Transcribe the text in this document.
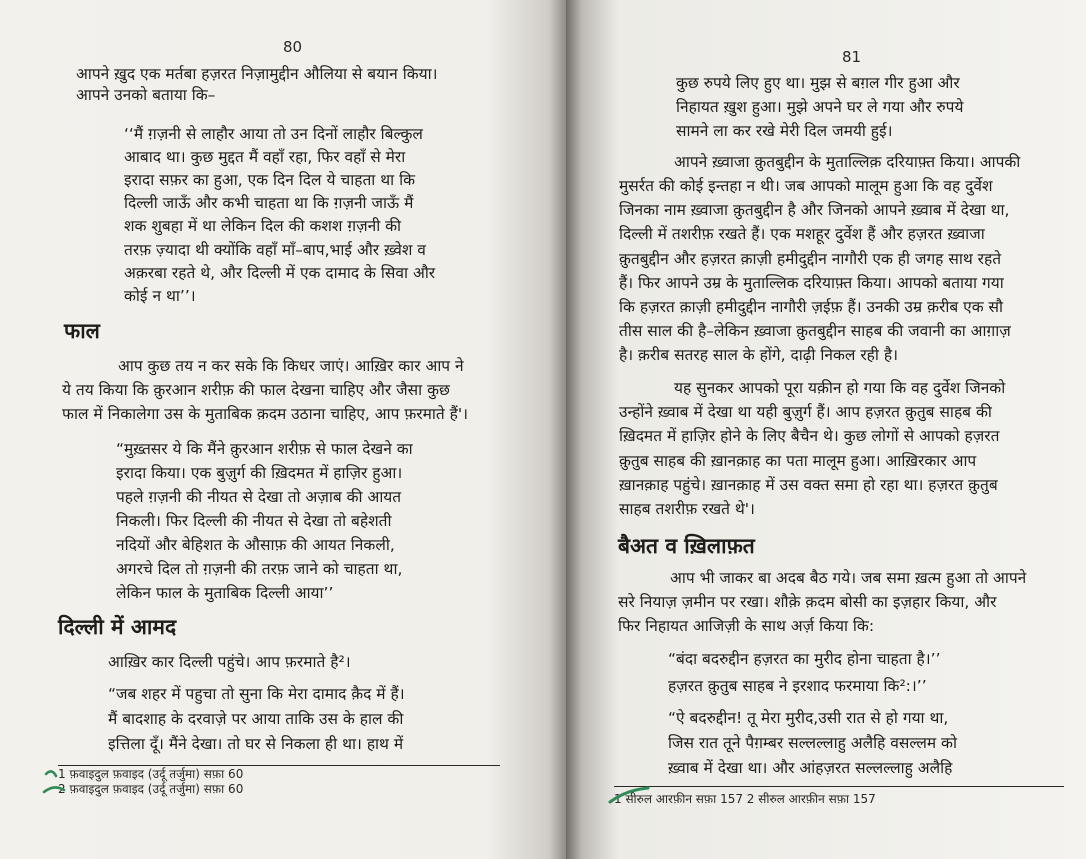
80
आपने ख़ुद एक मर्तबा हज़रत निज़ामुद्दीन औलिया से बयान किया।
आपने उनको बताया कि–
‘‘मैं ग़ज़नी से लाहौर आया तो उन दिनों लाहौर बिल्कुल
आबाद था। कुछ मुद्दत मैं वहाँ रहा, फिर वहाँ से मेरा
इरादा सफ़र का हुआ, एक दिन दिल ये चाहता था कि
दिल्ली जाऊँ और कभी चाहता था कि ग़ज़नी जाऊँ मैं
शक शुबहा में था लेकिन दिल की कशश ग़ज़नी की
तरफ़ ज़्यादा थी क्योंकि वहाँ माँ–बाप,भाई और ख़्वेश व
अक़रबा रहते थे, और दिल्ली में एक दामाद के सिवा और
कोई न था’’।
फाल
आप कुछ तय न कर सके कि किधर जाएं। आख़िर कार आप ने
ये तय किया कि क़ुरआन शरीफ़ की फाल देखना चाहिए और जैसा कुछ
फाल में निकालेगा उस के मुताबिक क़दम उठाना चाहिए, आप फ़रमाते हैं'।
“मुख़्तसर ये कि मैंने क़ुरआन शरीफ़ से फाल देखने का
इरादा किया। एक बुज़ुर्ग की ख़िदमत में हाज़िर हुआ।
पहले ग़ज़नी की नीयत से देखा तो अज़ाब की आयत
निकली। फिर दिल्ली की नीयत से देखा तो बहेशती
नदियों और बेहिशत के औसाफ़ की आयत निकली,
अगरचे दिल तो ग़ज़नी की तरफ़ जाने को चाहता था,
लेकिन फाल के मुताबिक दिल्ली आया’’
दिल्ली में आमद
आख़िर कार दिल्ली पहुंचे। आप फ़रमाते है²।
“जब शहर में पहुचा तो सुना कि मेरा दामाद क़ैद में हैं।
मैं बादशाह के दरवाज़े पर आया ताकि उस के हाल की
इत्तिला दूँ। मैंने देखा। तो घर से निकला ही था। हाथ में
1 फ़वाइदुल फ़वाइद (उर्दू तर्जुमा) सफ़ा 60
2 फ़वाइदुल फ़वाइद (उर्दू तर्जुमा) सफ़ा 60
81
कुछ रुपये लिए हुए था। मुझ से बग़ल गीर हुआ और
निहायत ख़ुश हुआ। मुझे अपने घर ले गया और रुपये
सामने ला कर रखे मेरी दिल जमयी हुई।
आपने ख़्वाजा क़ुतबुद्दीन के मुताल्लिक़ दरियाफ़्त किया। आपकी
मुसर्रत की कोई इन्तहा न थी। जब आपको मालूम हुआ कि वह दुर्वेश
जिनका नाम ख़्वाजा क़ुतबुद्दीन है और जिनको आपने ख़्वाब में देखा था,
दिल्ली में तशरीफ़ रखते हैं। एक मशहूर दुर्वेश हैं और हज़रत ख़्वाजा
क़ुतबुद्दीन और हज़रत क़ाज़ी हमीदुद्दीन नागौरी एक ही जगह साथ रहते
हैं। फिर आपने उम्र के मुताल्लिक दरियाफ़्त किया। आपको बताया गया
कि हज़रत क़ाज़ी हमीदुद्दीन नागौरी ज़ईफ़ हैं। उनकी उम्र क़रीब एक सौ
तीस साल की है–लेकिन ख़्वाजा क़ुतबुद्दीन साहब की जवानी का आग़ाज़
है। क़रीब सतरह साल के होंगे, दाढ़ी निकल रही है।
यह सुनकर आपको पूरा यक़ीन हो गया कि वह दुर्वेश जिनको
उन्होंने ख़्वाब में देखा था यही बुज़ुर्ग हैं। आप हज़रत क़ुतुब साहब की
ख़िदमत में हाज़िर होने के लिए बैचैन थे। कुछ लोगों से आपको हज़रत
क़ुतुब साहब की ख़ानक़ाह का पता मालूम हुआ। आख़िरकार आप
ख़ानक़ाह पहुंचे। ख़ानक़ाह में उस वक्त समा हो रहा था। हज़रत क़ुतुब
साहब तशरीफ़ रखते थे'।
बैअत व ख़िलाफ़त
आप भी जाकर बा अदब बैठ गये। जब समा ख़त्म हुआ तो आपने
सरे नियाज़ ज़मीन पर रखा। शौक़े क़दम बोसी का इज़हार किया, और
फिर निहायत आजिज़ी के साथ अर्ज़ किया कि:
“बंदा बदरुद्दीन हज़रत का मुरीद होना चाहता है।’’
हज़रत क़ुतुब साहब ने इरशाद फरमाया कि²:।’’
“ऐ बदरुद्दीन! तू मेरा मुरीद,उसी रात से हो गया था,
जिस रात तूने पैग़म्बर सल्लल्लाहु अलैहि वसल्लम को
ख़्वाब में देखा था। और आंहज़रत सल्लल्लाहु अलैहि
1 सीरुल आरफ़ीन सफ़ा 157 2 सीरुल आरफ़ीन सफ़ा 157
